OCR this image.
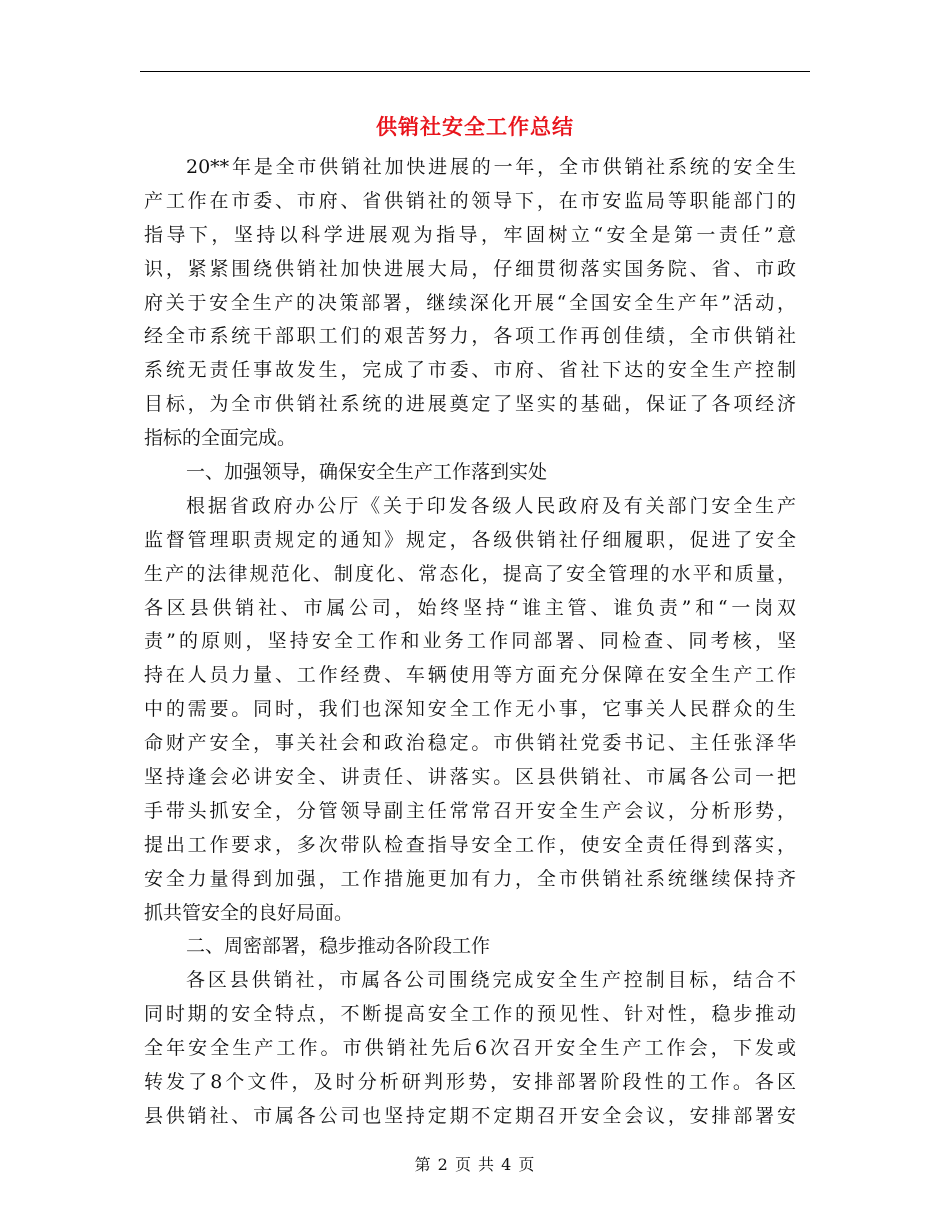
供销社安全工作总结
20**年是全市供销社加快进展的一年，全市供销社系统的安全生
产工作在市委、市府、省供销社的领导下，在市安监局等职能部门的
指导下，坚持以科学进展观为指导，牢固树立“安全是第一责任”意
识，紧紧围绕供销社加快进展大局，仔细贯彻落实国务院、省、市政
府关于安全生产的决策部署，继续深化开展“全国安全生产年”活动，
经全市系统干部职工们的艰苦努力，各项工作再创佳绩，全市供销社
系统无责任事故发生，完成了市委、市府、省社下达的安全生产控制
目标，为全市供销社系统的进展奠定了坚实的基础，保证了各项经济
指标的全面完成。
一、加强领导，确保安全生产工作落到实处
根据省政府办公厅《关于印发各级人民政府及有关部门安全生产
监督管理职责规定的通知》规定，各级供销社仔细履职，促进了安全
生产的法律规范化、制度化、常态化，提高了安全管理的水平和质量，
各区县供销社、市属公司，始终坚持“谁主管、谁负责”和“一岗双
责”的原则，坚持安全工作和业务工作同部署、同检查、同考核，坚
持在人员力量、工作经费、车辆使用等方面充分保障在安全生产工作
中的需要。同时，我们也深知安全工作无小事，它事关人民群众的生
命财产安全，事关社会和政治稳定。市供销社党委书记、主任张泽华
坚持逢会必讲安全、讲责任、讲落实。区县供销社、市属各公司一把
手带头抓安全，分管领导副主任常常召开安全生产会议，分析形势，
提出工作要求，多次带队检查指导安全工作，使安全责任得到落实，
安全力量得到加强，工作措施更加有力，全市供销社系统继续保持齐
抓共管安全的良好局面。
二、周密部署，稳步推动各阶段工作
各区县供销社，市属各公司围绕完成安全生产控制目标，结合不
同时期的安全特点，不断提高安全工作的预见性、针对性，稳步推动
全年安全生产工作。市供销社先后6次召开安全生产工作会，下发或
转发了8个文件，及时分析研判形势，安排部署阶段性的工作。各区
县供销社、市属各公司也坚持定期不定期召开安全会议，安排部署安
第 2 页 共 4 页
